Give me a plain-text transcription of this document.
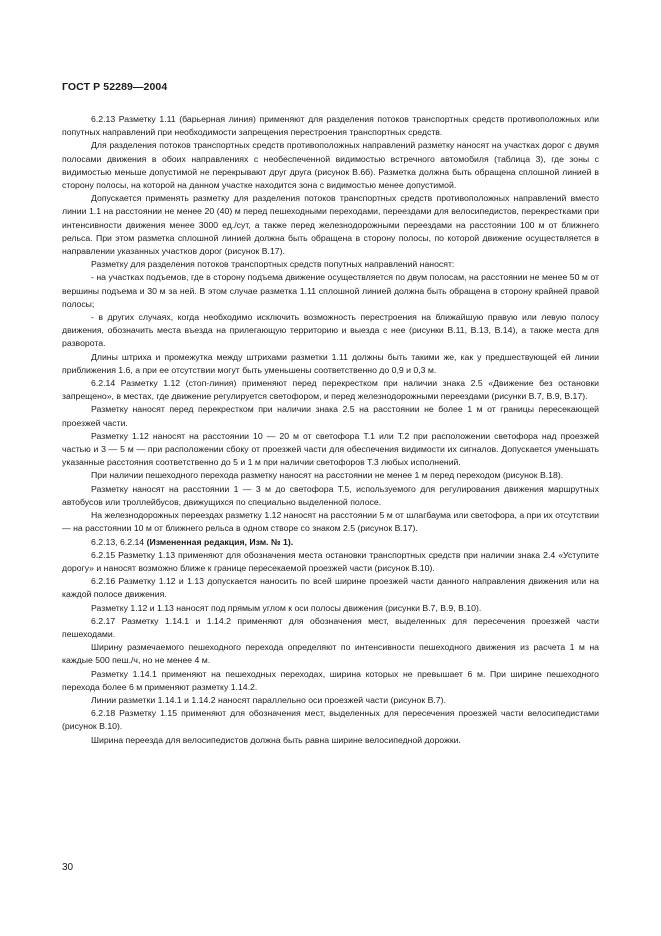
ГОСТ Р 52289—2004

6.2.13 Разметку 1.11 (барьерная линия) применяют для разделения потоков транспортных средств противоположных или попутных направлений при необходимости запрещения перестроения транспортных средств.

Для разделения потоков транспортных средств противоположных направлений разметку наносят на участках дорог с двумя полосами движения в обоих направлениях с необеспеченной видимостью встречного автомобиля (таблица 3), где зоны с видимостью меньше допустимой не перекрывают друг друга (рисунок В.6б). Разметка должна быть обращена сплошной линией в сторону полосы, на которой на данном участке находится зона с видимостью менее допустимой.

Допускается применять разметку для разделения потоков транспортных средств противоположных направлений вместо линии 1.1 на расстоянии не менее 20 (40) м перед пешеходными переходами, переездами для велосипедистов, перекрестками при интенсивности движения менее 3000 ед./сут, а также перед железнодорожными переездами на расстоянии 100 м от ближнего рельса. При этом разметка сплошной линией должна быть обращена в сторону полосы, по которой движение осуществляется в направлении указанных участков дорог (рисунок В.17).

Разметку для разделения потоков транспортных средств попутных направлений наносят:

- на участках подъемов, где в сторону подъема движение осуществляется по двум полосам, на расстоянии не менее 50 м от вершины подъема и 30 м за ней. В этом случае разметка 1.11 сплошной линией должна быть обращена в сторону крайней правой полосы;

- в других случаях, когда необходимо исключить возможность перестроения на ближайшую правую или левую полосу движения, обозначить места въезда на прилегающую территорию и выезда с нее (рисунки В.11, В.13, В.14), а также места для разворота.

Длины штриха и промежутка между штрихами разметки 1.11 должны быть такими же, как у предшествующей ей линии приближения 1.6, а при ее отсутствии могут быть уменьшены соответственно до 0,9 и 0,3 м.

6.2.14 Разметку 1.12 (стоп-линия) применяют перед перекрестком при наличии знака 2.5 «Движение без остановки запрещено», в местах, где движение регулируется светофором, и перед железнодорожными переездами (рисунки В.7, В.9, В.17).

Разметку наносят перед перекрестком при наличии знака 2.5 на расстоянии не более 1 м от границы пересекающей проезжей части.

Разметку 1.12 наносят на расстоянии 10 — 20 м от светофора Т.1 или Т.2 при расположении светофора над проезжей частью и 3 — 5 м — при расположении сбоку от проезжей части для обеспечения видимости их сигналов. Допускается уменьшать указанные расстояния соответственно до 5 и 1 м при наличии светофоров Т.3 любых исполнений.

При наличии пешеходного перехода разметку наносят на расстоянии не менее 1 м перед переходом (рисунок В.18).

Разметку наносят на расстоянии 1 — 3 м до светофора Т.5, используемого для регулирования движения маршрутных автобусов или троллейбусов, движущихся по специально выделенной полосе.

На железнодорожных переездах разметку 1.12 наносят на расстоянии 5 м от шлагбаума или светофора, а при их отсутствии — на расстоянии 10 м от ближнего рельса в одном створе со знаком 2.5 (рисунок В.17).

6.2.13, 6.2.14 (Измененная редакция, Изм. № 1).

6.2.15 Разметку 1.13 применяют для обозначения места остановки транспортных средств при наличии знака 2.4 «Уступите дорогу» и наносят возможно ближе к границе пересекаемой проезжей части (рисунок В.10).

6.2.16 Разметку 1.12 и 1.13 допускается наносить по всей ширине проезжей части данного направления движения или на каждой полосе движения.

Разметку 1.12 и 1.13 наносят под прямым углом к оси полосы движения (рисунки В.7, В.9, В.10).

6.2.17 Разметку 1.14.1 и 1.14.2 применяют для обозначения мест, выделенных для пересечения проезжей части пешеходами.

Ширину размечаемого пешеходного перехода определяют по интенсивности пешеходного движения из расчета 1 м на каждые 500 пеш./ч, но не менее 4 м.

Разметку 1.14.1 применяют на пешеходных переходах, ширина которых не превышает 6 м. При ширине пешеходного перехода более 6 м применяют разметку 1.14.2.

Линии разметки 1.14.1 и 1.14.2 наносят параллельно оси проезжей части (рисунок В.7).

6.2.18 Разметку 1.15 применяют для обозначения мест, выделенных для пересечения проезжей части велосипедистами (рисунок В.10).

Ширина переезда для велосипедистов должна быть равна ширине велосипедной дорожки.

30
